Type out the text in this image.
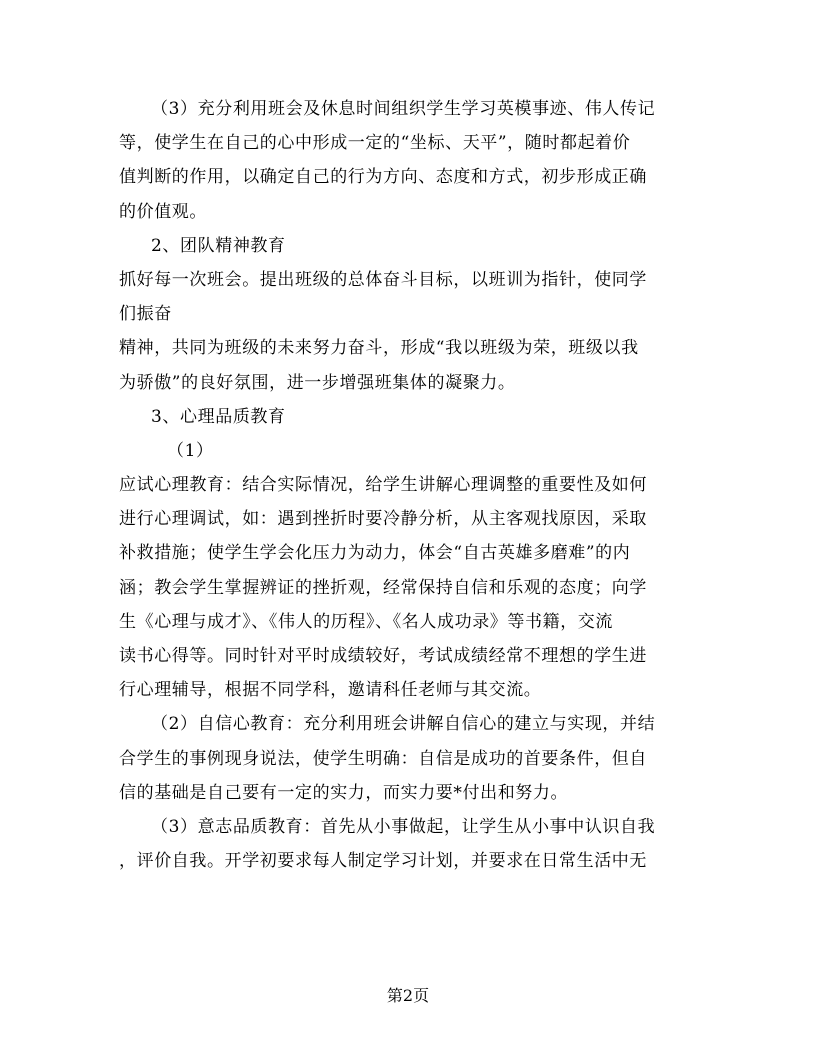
（3）充分利用班会及休息时间组织学生学习英模事迹、伟人传记
等，使学生在自己的心中形成一定的“坐标、天平”，随时都起着价
值判断的作用，以确定自己的行为方向、态度和方式，初步形成正确
的价值观。
2、团队精神教育
抓好每一次班会。提出班级的总体奋斗目标，以班训为指针，使同学
们振奋
精神，共同为班级的未来努力奋斗，形成“我以班级为荣，班级以我
为骄傲”的良好氛围，进一步增强班集体的凝聚力。
3、心理品质教育
（1）
应试心理教育：结合实际情况，给学生讲解心理调整的重要性及如何
进行心理调试，如：遇到挫折时要冷静分析，从主客观找原因，采取
补救措施；使学生学会化压力为动力，体会“自古英雄多磨难”的内
涵；教会学生掌握辨证的挫折观，经常保持自信和乐观的态度；向学
生《心理与成才》、《伟人的历程》、《名人成功录》等书籍，交流
读书心得等。同时针对平时成绩较好，考试成绩经常不理想的学生进
行心理辅导，根据不同学科，邀请科任老师与其交流。
（2）自信心教育：充分利用班会讲解自信心的建立与实现，并结
合学生的事例现身说法，使学生明确：自信是成功的首要条件，但自
信的基础是自己要有一定的实力，而实力要*付出和努力。
（3）意志品质教育：首先从小事做起，让学生从小事中认识自我
，评价自我。开学初要求每人制定学习计划，并要求在日常生活中无
第2页
